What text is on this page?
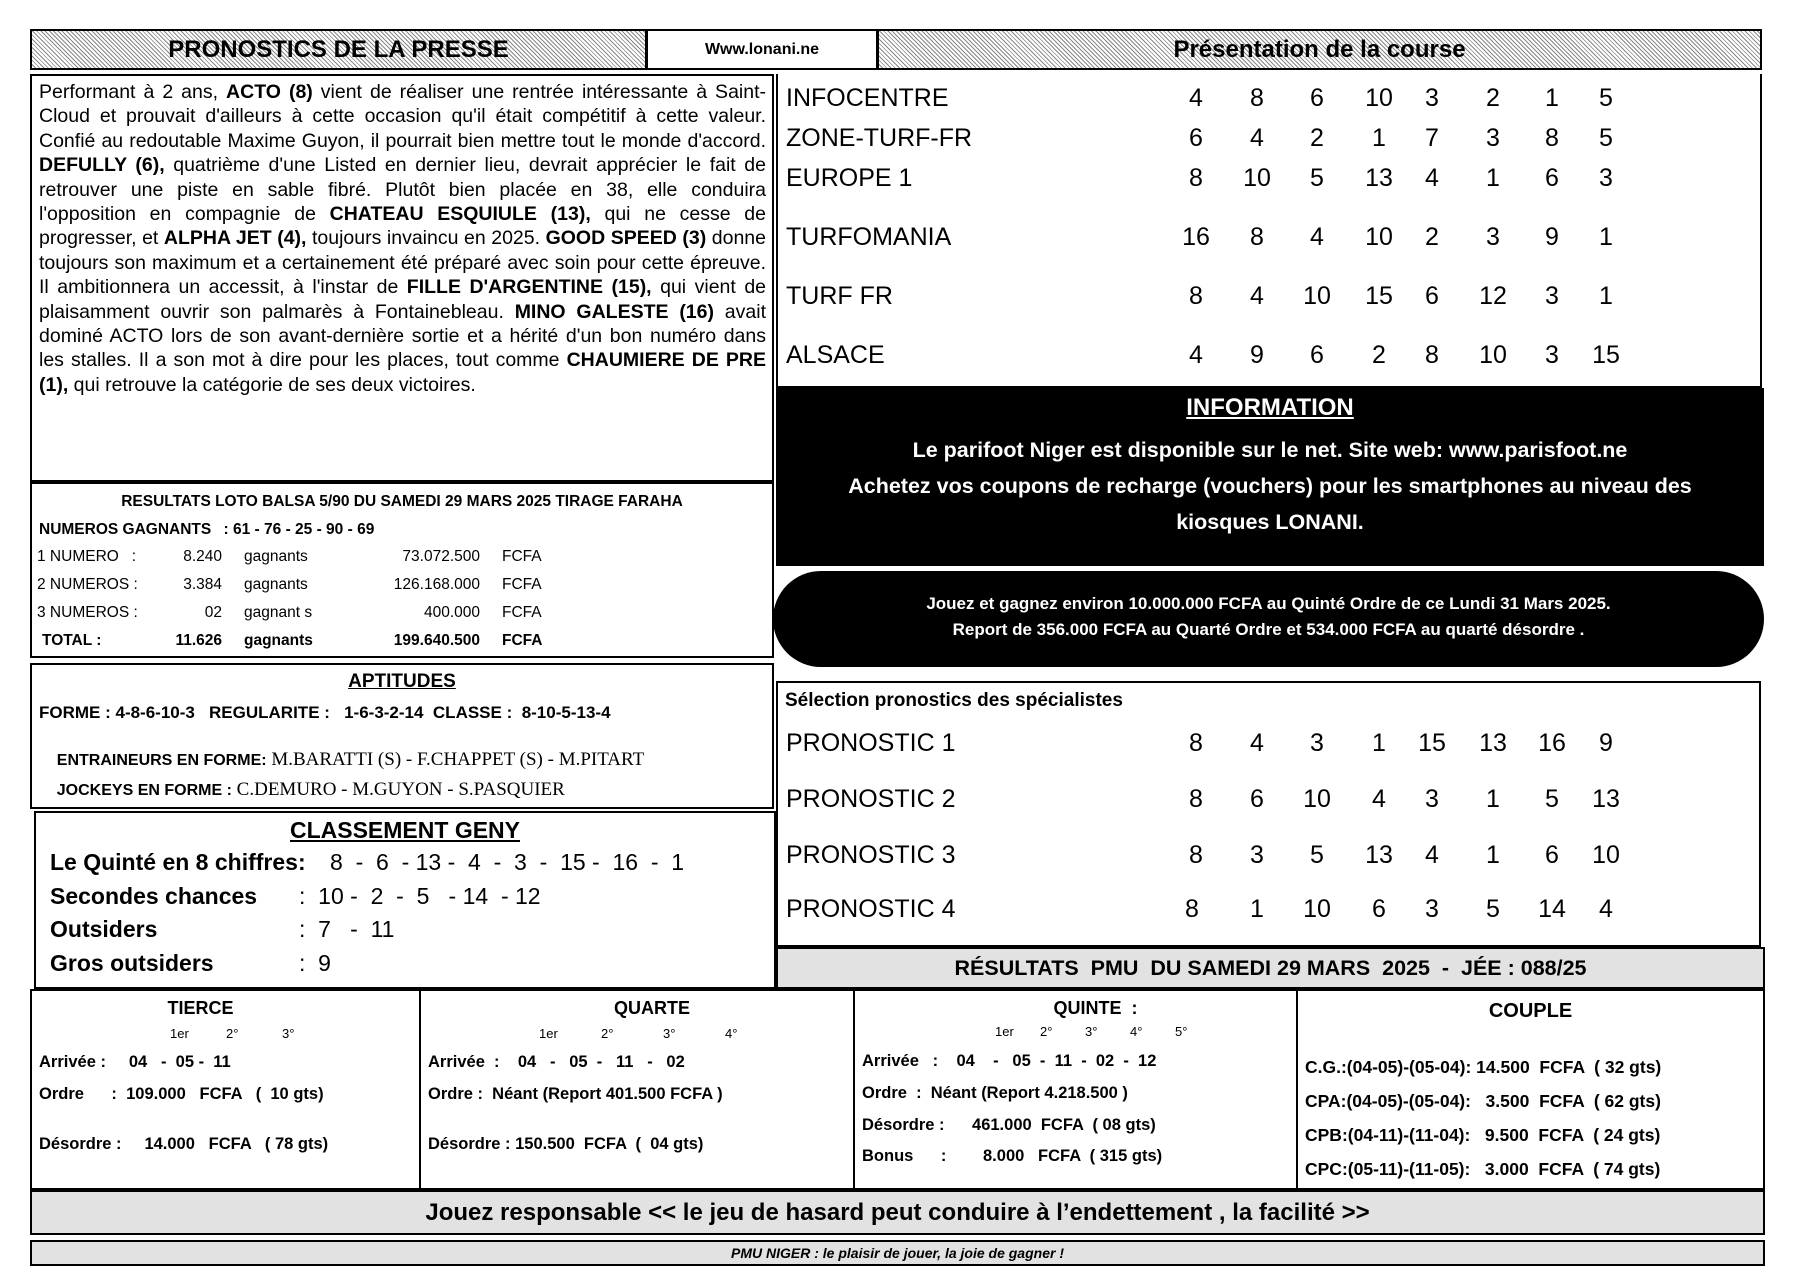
PRONOSTICS DE LA PRESSE	Www.lonani.ne	Présentation de la course
Performant à 2 ans, ACTO (8) vient de réaliser une rentrée intéressante à Saint-Cloud et prouvait d'ailleurs à cette occasion qu'il était compétitif à cette valeur. Confié au redoutable Maxime Guyon, il pourrait bien mettre tout le monde d'accord. DEFULLY (6), quatrième d'une Listed en dernier lieu, devrait apprécier le fait de retrouver une piste en sable fibré. Plutôt bien placée en 38, elle conduira l'opposition en compagnie de CHATEAU ESQUIULE (13), qui ne cesse de progresser, et ALPHA JET (4), toujours invaincu en 2025. GOOD SPEED (3) donne toujours son maximum et a certainement été préparé avec soin pour cette épreuve. Il ambitionnera un accessit, à l'instar de FILLE D'ARGENTINE (15), qui vient de plaisamment ouvrir son palmarès à Fontainebleau. MINO GALESTE (16) avait dominé ACTO lors de son avant-dernière sortie et a hérité d'un bon numéro dans les stalles. Il a son mot à dire pour les places, tout comme CHAUMIERE DE PRE (1), qui retrouve la catégorie de ses deux victoires.
INFOCENTRE	4	8	6	10	3	2	1	5
ZONE-TURF-FR	6	4	2	1	7	3	8	5
EUROPE 1	8	10	5	13	4	1	6	3
TURFOMANIA	16	8	4	10	2	3	9	1
TURF FR	8	4	10	15	6	12	3	1
ALSACE	4	9	6	2	8	10	3	15
INFORMATION
Le parifoot Niger est disponible sur le net. Site web: www.parisfoot.ne
Achetez vos coupons de recharge (vouchers) pour les smartphones au niveau des
kiosques LONANI.
Jouez et gagnez environ 10.000.000 FCFA au Quinté Ordre de ce Lundi 31 Mars 2025.
Report de 356.000 FCFA au Quarté Ordre et 534.000 FCFA au quarté désordre .
RESULTATS LOTO BALSA 5/90 DU SAMEDI 29 MARS 2025 TIRAGE FARAHA
NUMEROS GAGNANTS : 61 - 76 - 25 - 90 - 69
1 NUMERO   :	8.240 gagnants	73.072.500 FCFA
2 NUMEROS :	3.384 gagnants	126.168.000 FCFA
3 NUMEROS :	02 gagnant s	400.000 FCFA
TOTAL :	11.626 gagnants	199.640.500 FCFA
APTITUDES
FORME : 4-8-6-10-3   REGULARITE :   1-6-3-2-14  CLASSE :  8-10-5-13-4

ENTRAINEURS EN FORME: M.BARATTI (S) - F.CHAPPET (S) - M.PITART

JOCKEYS EN FORME : C.DEMURO - M.GUYON - S.PASQUIER

CLASSEMENT GENY
Le Quinté en 8 chiffres: 8  -  6  - 13 -  4  -  3  -  15 -  16  -  1
Secondes chances :  10 -  2  -  5   - 14  - 12
Outsiders	:  7   -  11
Gros outsiders	:  9
Sélection pronostics des spécialistes
PRONOSTIC 1	8	4	3	1	15	13	16	9
PRONOSTIC 2	8	6	10	4	3	1	5	13
PRONOSTIC 3	8	3	5	13	4	1	6	10
PRONOSTIC 4	8	1	10	6	3	5	14	4
RÉSULTATS  PMU  DU SAMEDI 29 MARS  2025  -  JÉE : 088/25
TIERCE
1er	2°	3°
Arrivée :     04   -  05 -  11
Ordre      :  109.000   FCFA   (  10 gts)
Désordre :     14.000   FCFA   ( 78 gts)
QUARTE
1er	2°	3°	4°
Arrivée  :    04   -   05  -   11   -   02
Ordre :  Néant (Report 401.500 FCFA )
Désordre : 150.500  FCFA  (  04 gts)
QUINTE  :
1er 2°	3°	4°	5°
Arrivée   :    04    -   05  -  11  -  02  -  12
Ordre  :  Néant (Report 4.218.500 )
Désordre :      461.000  FCFA  ( 08 gts)
Bonus      :        8.000   FCFA  ( 315 gts)
COUPLE
C.G.:(04-05)-(05-04): 14.500  FCFA  ( 32 gts)
CPA:(04-05)-(05-04):   3.500  FCFA  ( 62 gts)
CPB:(04-11)-(11-04):   9.500  FCFA  ( 24 gts)
CPC:(05-11)-(11-05):   3.000  FCFA  ( 74 gts)
Jouez responsable << le jeu de hasard peut conduire à l’endettement , la facilité >>
PMU NIGER : le plaisir de jouer, la joie de gagner !
